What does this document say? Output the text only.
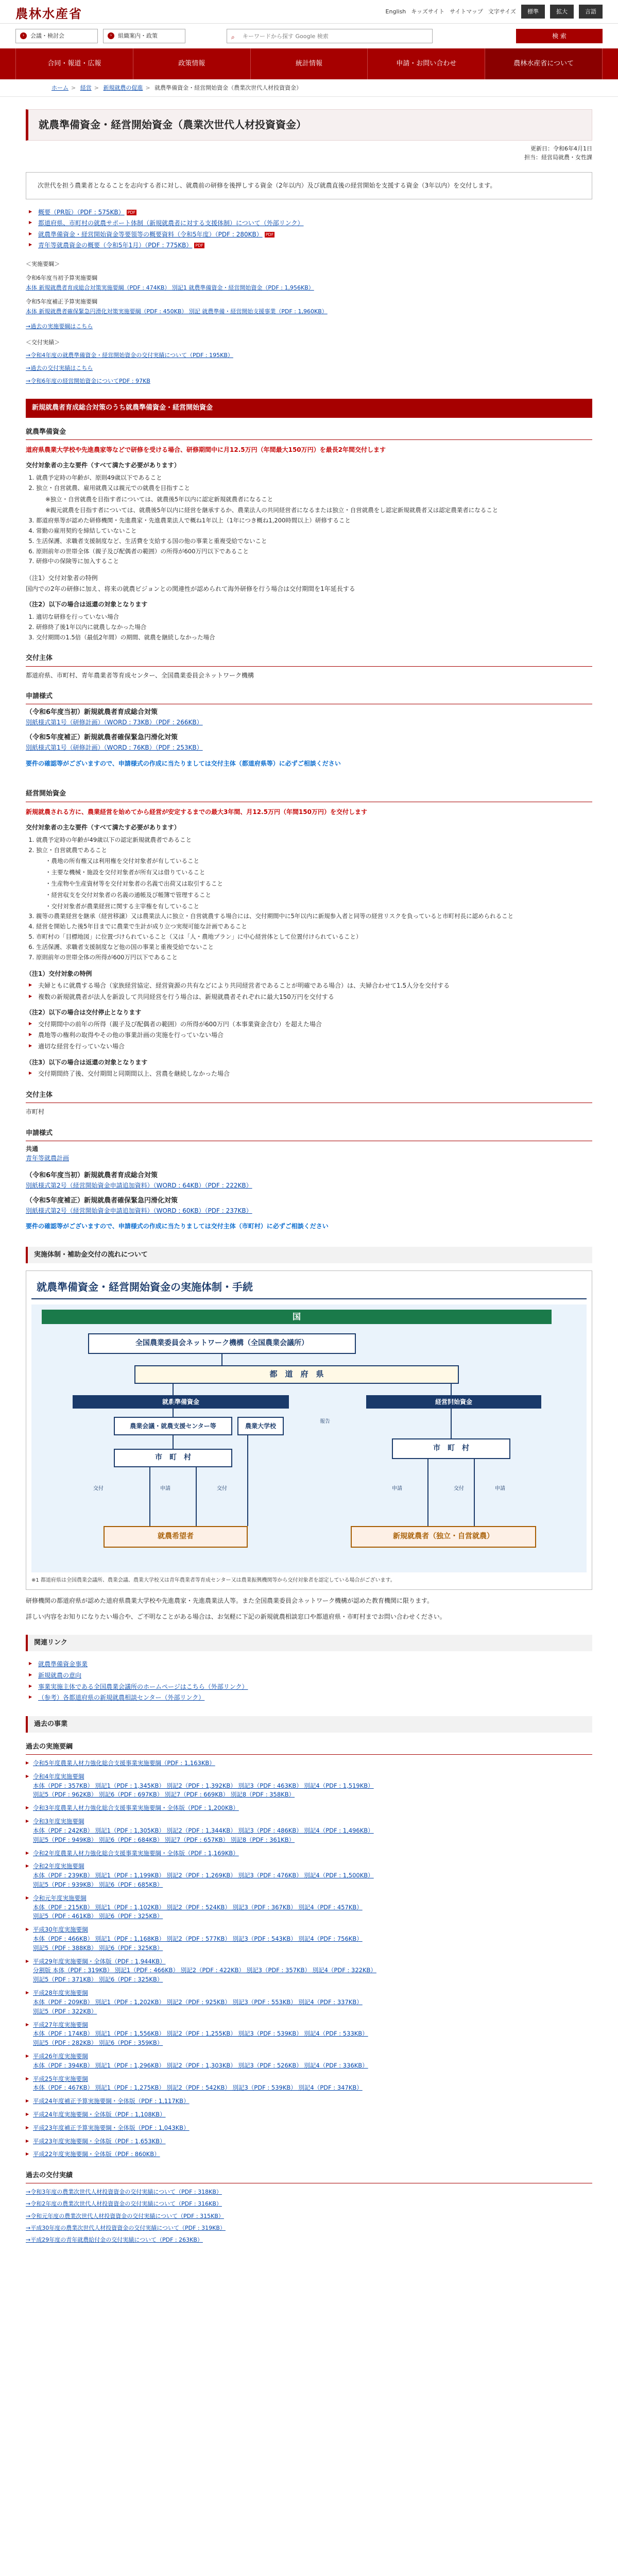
農林水産省	English キッズサイト サイトマップ 文字サイズ	標準	拡大	言語
›	会議・検討会	›	組織案内・政策	⌕ キーワードから探す Google 検索	検 索
合同・報道・広報	政策情報	統計情報	申請・お問い合わせ	農林水産省について
ホーム > 経営 > 新規就農の促進 > 就農準備資金・経営開始資金（農業次世代人材投資資金）
就農準備資金・経営開始資金（農業次世代人材投資資金）
更新日：令和6年4月1日
担当：経営局就農・女性課
次世代を担う農業者となることを志向する者に対し、就農前の研修を後押しする資金（2年以内）及び就農直後の経営開始を支援する資金（3年以内）を交付します。
▶ 概要（PR版）（PDF : 575KB） PDF
▶ 都道府県、市町村の就農サポート体制（新規就農者に対する支援体制）について（外部リンク）
▶ 就農準備資金・経営開始資金等要領等の概要資料（令和5年度）（PDF : 280KB） PDF
▶ 青年等就農資金の概要（令和5年1月）（PDF : 775KB） PDF

＜実施要綱＞

令和6年度当初予算実施要綱

本体 新規就農者育成総合対策実施要綱（PDF : 474KB） 別記1 就農準備資金・経営開始資金（PDF : 1,956KB）

令和5年度補正予算実施要綱

本体 新規就農者確保緊急円滑化対策実施要綱（PDF : 450KB） 別記 就農準備・経営開始支援事業（PDF : 1,960KB）

→過去の実施要綱はこちら

＜交付実績＞

→令和4年度の就農準備資金・経営開始資金の交付実績について（PDF : 195KB）

→過去の交付実績はこちら

→令和6年度の経営開始資金についてPDF : 97KB

新規就農者育成総合対策のうち就農準備資金・経営開始資金
就農準備資金
道府県農業大学校や先進農家等などで研修を受ける場合、研修期間中に月12.5万円（年間最大150万円）を最長2年間交付します
交付対象者の主な要件（すべて満たす必要があります）
1. 就農予定時の年齢が、原則49歳以下であること
2. 独立・自営就農、雇用就農又は親元での就農を目指すこと
※独立・自営就農を目指す者については、就農後5年以内に認定新規就農者になること
※親元就農を目指す者については、就農後5年以内に経営を継承するか、農業法人の共同経営者になるまたは独立・自営就農をし認定新規就農者又は認定農業者になること
3. 都道府県等が認めた研修機関・先進農家・先進農業法人で概ね1年以上（1年につき概ね1,200時間以上）研修すること
4. 常勤の雇用契約を締結していないこと
5. 生活保護、求職者支援制度など、生活費を支給する国の他の事業と重複受給でないこと
6. 原則前年の世帯全体（親子及び配偶者の範囲）の所得が600万円以下であること
7. 研修中の保険等に加入すること
（注1）交付対象者の特例
国内での2年の研修に加え、将来の就農ビジョンとの関連性が認められて海外研修を行う場合は交付期間を1年延長する
（注2）以下の場合は返還の対象となります
1. 適切な研修を行っていない場合
2. 研修終了後1年以内に就農しなかった場合
3. 交付期間の1.5倍（最低2年間）の期間、就農を継続しなかった場合
交付主体
都道府県、市町村、青年農業者等育成センター、全国農業委員会ネットワーク機構
申請様式
（令和6年度当初）新規就農者育成総合対策
別紙様式第1号（研修計画）（WORD : 73KB）（PDF : 266KB）
（令和5年度補正）新規就農者確保緊急円滑化対策
別紙様式第1号（研修計画）（WORD : 76KB）（PDF : 253KB）
要件の確認等がございますので、申請様式の作成に当たりましては交付主体（都道府県等）に必ずご相談ください
経営開始資金
新規就農される方に、農業経営を始めてから経営が安定するまでの最大3年間、月12.5万円（年間150万円）を交付します
交付対象者の主な要件（すべて満たす必要があります）
1. 就農予定時の年齢が49歳以下の認定新規就農者であること
2. 独立・自営就農であること
・農地の所有権又は利用権を交付対象者が有していること
・主要な機械・施設を交付対象者が所有又は借りていること
・生産物や生産資材等を交付対象者の名義で出荷又は取引すること
・経営収支を交付対象者の名義の通帳及び帳簿で管理すること
・交付対象者が農業経営に関する主宰権を有していること
3. 親等の農業経営を継承（経営移譲）又は農業法人に独立・自営就農する場合には、交付期間中に5年以内に新規参入者と同等の経営リスクを負っていると市町村長に認められること
4. 経営を開始した後5年目までに農業で生計が成り立つ実現可能な計画であること
5. 市町村の「目標地図」に位置づけられていること（又は「人・農地プラン」に中心経営体として位置付けられていること）
6. 生活保護、求職者支援制度など他の国の事業と重複受給でないこと
7. 原則前年の世帯全体の所得が600万円以下であること
（注1）交付対象の特例
▶ 夫婦ともに就農する場合（家族経営協定、経営資源の共有などにより共同経営者であることが明確である場合）は、夫婦合わせて1.5人分を交付する
▶ 複数の新規就農者が法人を新設して共同経営を行う場合は、新規就農者それぞれに最大150万円を交付する
（注2）以下の場合は交付停止となります
▶ 交付期間中の前年の所得（親子及び配偶者の範囲）の所得が600万円（本事業資金含む）を超えた場合
▶ 農地等の権利の取得やその他の事業計画の実施を行っていない場合
▶ 適切な経営を行っていない場合
（注3）以下の場合は返還の対象となります
▶ 交付期間終了後、交付期間と同期間以上、営農を継続しなかった場合
交付主体
市町村
申請様式
共通
青年等就農計画
（令和6年度当初）新規就農者育成総合対策
別紙様式第2号（経営開始資金申請追加資料）（WORD : 64KB）（PDF : 222KB）
（令和5年度補正）新規就農者確保緊急円滑化対策
別紙様式第2号（経営開始資金申請追加資料）（WORD : 60KB）（PDF : 237KB）
要件の確認等がございますので、申請様式の作成に当たりましては交付主体（市町村）に必ずご相談ください
実施体制・補助金交付の流れについて
就農準備資金・経営開始資金の実施体制・手続
国
全国農業委員会ネットワーク機構（全国農業会議所）
都　道　府　県
就農準備資金	経営開始資金
農業会議・就農支援センター等	農業大学校
市　町　村
市　町　村
就農希望者	新規就農者（独立・自営就農）
交付	申請	交付	申請	交付	申請
報告
※1 都道府県は全国農業会議所、農業会議、農業大学校又は青年農業者等育成センター又は農業振興機関等から交付対象者を認定している場合がございます。
研修機関の都道府県が認めた道府県農業大学校や先進農家・先進農業法人等。また全国農業委員会ネットワーク機構が認めた教育機関に限ります。
詳しい内容をお知りになりたい場合や、ご不明なことがある場合は、お気軽に下記の新規就農相談窓口や都道府県・市町村までお問い合わせください。
関連リンク
▶ 就農準備資金事業
▶ 新規就農の意向
▶ 事業実施主体である全国農業会議所のホームページはこちら（外部リンク）
▶ （参考）各都道府県の新規就農相談センター（外部リンク）
過去の事業
過去の実施要綱
▶ 令和5年度農業人材力強化総合支援事業実施要綱（PDF : 1,163KB）
▶ 令和4年度実施要綱
本体（PDF : 357KB） 別記1（PDF : 1,345KB） 別記2（PDF : 1,392KB） 別記3（PDF : 463KB） 別記4（PDF : 1,519KB）
別記5（PDF : 962KB） 別記6（PDF : 697KB） 別記7（PDF : 669KB） 別記8（PDF : 358KB）
▶ 令和3年度農業人材力強化総合支援事業実施要綱・全体版（PDF : 1,200KB）
▶ 令和3年度実施要綱
本体（PDF : 242KB） 別記1（PDF : 1,305KB） 別記2（PDF : 1,344KB） 別記3（PDF : 486KB） 別記4（PDF : 1,496KB）
別記5（PDF : 949KB） 別記6（PDF : 684KB） 別記7（PDF : 657KB） 別記8（PDF : 361KB）
▶ 令和2年度農業人材力強化総合支援事業実施要綱・全体版（PDF : 1,169KB）
▶ 令和2年度実施要綱
本体（PDF : 239KB） 別記1（PDF : 1,199KB） 別記2（PDF : 1,269KB） 別記3（PDF : 476KB） 別記4（PDF : 1,500KB）
別記5（PDF : 939KB） 別記6（PDF : 685KB）
▶ 令和元年度実施要綱
本体（PDF : 215KB） 別記1（PDF : 1,102KB） 別記2（PDF : 524KB） 別記3（PDF : 367KB） 別記4（PDF : 457KB）
別記5（PDF : 461KB） 別記6（PDF : 325KB）
▶ 平成30年度実施要綱
本体（PDF : 466KB） 別記1（PDF : 1,168KB） 別記2（PDF : 577KB） 別記3（PDF : 543KB） 別記4（PDF : 756KB）
別記5（PDF : 388KB） 別記6（PDF : 325KB）
▶ 平成29年度実施要綱・全体版（PDF : 1,944KB）
分割版 本体（PDF : 319KB） 別記1（PDF : 466KB） 別記2（PDF : 422KB） 別記3（PDF : 357KB） 別記4（PDF : 322KB）
別記5（PDF : 371KB） 別記6（PDF : 325KB）
▶ 平成28年度実施要綱
本体（PDF : 209KB） 別記1（PDF : 1,202KB） 別記2（PDF : 925KB） 別記3（PDF : 553KB） 別記4（PDF : 337KB）
別記5（PDF : 322KB）
▶ 平成27年度実施要綱
本体（PDF : 174KB） 別記1（PDF : 1,556KB） 別記2（PDF : 1,255KB） 別記3（PDF : 539KB） 別記4（PDF : 533KB）
別記5（PDF : 282KB） 別記6（PDF : 359KB）
▶ 平成26年度実施要綱
本体（PDF : 394KB） 別記1（PDF : 1,296KB） 別記2（PDF : 1,303KB） 別記3（PDF : 526KB） 別記4（PDF : 336KB）
▶ 平成25年度実施要綱
本体（PDF : 467KB） 別記1（PDF : 1,275KB） 別記2（PDF : 542KB） 別記3（PDF : 539KB） 別記4（PDF : 347KB）
▶ 平成24年度補正予算実施要綱・全体版（PDF : 1,117KB）
▶ 平成24年度実施要綱・全体版（PDF : 1,108KB）
▶ 平成23年度補正予算実施要綱・全体版（PDF : 1,043KB）
▶ 平成23年度実施要綱・全体版（PDF : 1,653KB）
▶ 平成22年度実施要綱・全体版（PDF : 860KB）
過去の交付実績

→令和3年度の農業次世代人材投資資金の交付実績について（PDF : 318KB）

→令和2年度の農業次世代人材投資資金の交付実績について（PDF : 316KB）

→令和元年度の農業次世代人材投資資金の交付実績について（PDF : 315KB）

→平成30年度の農業次世代人材投資資金の交付実績について（PDF : 319KB）

→平成29年度の青年就農給付金の交付実績について（PDF : 263KB）
